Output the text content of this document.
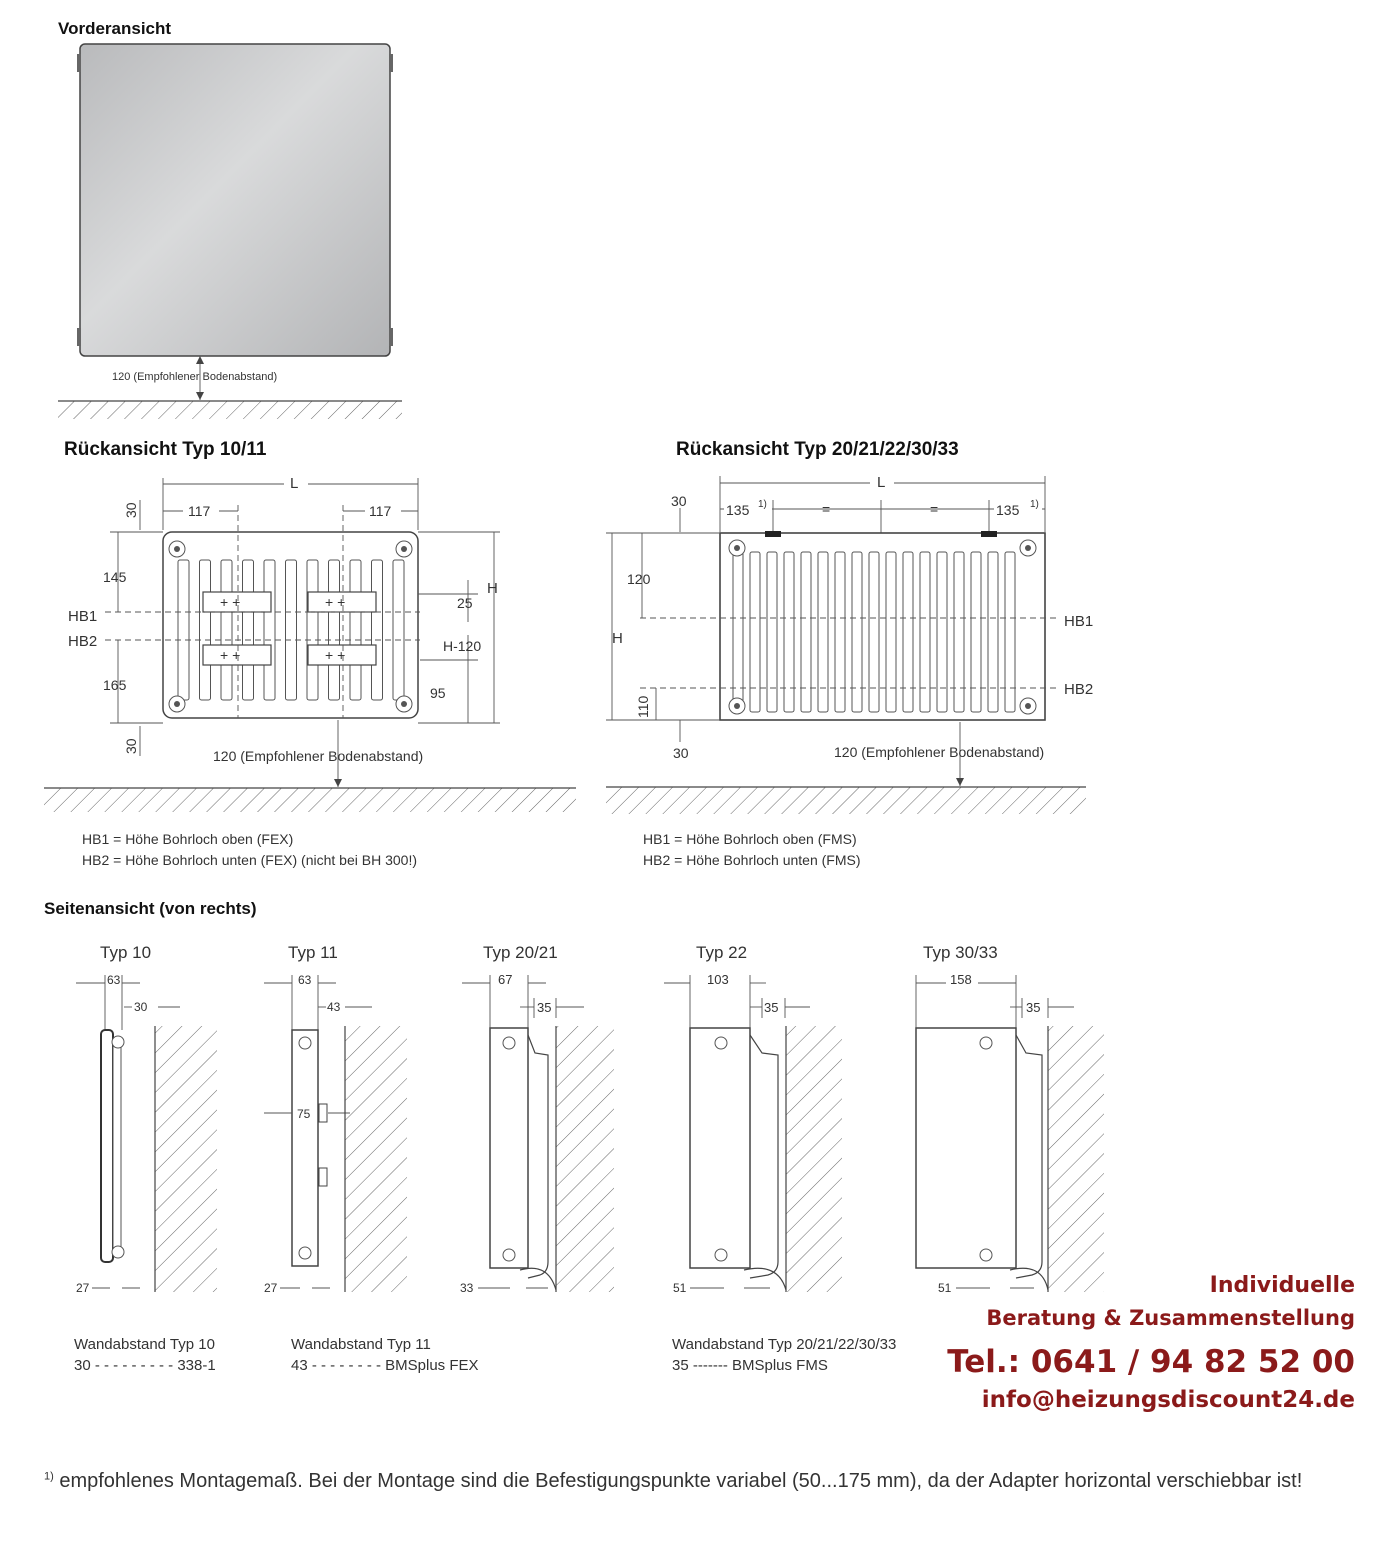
Vorderansicht
120 (Empfohlener Bodenabstand)
Rückansicht Typ 10/11
L
117	117
30
+ +	+ +
+ +	+ +
145
HB1
HB2
165
30
H
25
H-120
95
120 (Empfohlener Bodenabstand)
HB1 = Höhe Bohrloch oben (FEX)
HB2 = Höhe Bohrloch unten (FEX) (nicht bei BH 300!)
Rückansicht Typ 20/21/22/30/33
L
135 1)	=	=	135 1)
30
H
120
HB1
HB2
110
30	120 (Empfohlener Bodenabstand)
HB1 = Höhe Bohrloch oben (FMS)
HB2 = Höhe Bohrloch unten (FMS)
Seitenansicht (von rechts)
Typ 10
63
30
27
Typ 11
63
43
75
27
Typ 20/21
67
35
33
Typ 22
103
35
51
Typ 30/33
158
35
51
Wandabstand Typ 10
30 - - - - - - - - - 338-1
Wandabstand Typ 11
43 - - - - - - - - BMSplus FEX
Wandabstand Typ 20/21/22/30/33
35 ------- BMSplus FMS
Individuelle
Beratung & Zusammenstellung
Tel.: 0641 / 94 82 52 00
info@heizungsdiscount24.de
$^{1)}$ empfohlenes Montagemaß. Bei der Montage sind die Befestigungspunkte variabel (50...175 mm), da der Adapter horizontal verschiebbar ist!
